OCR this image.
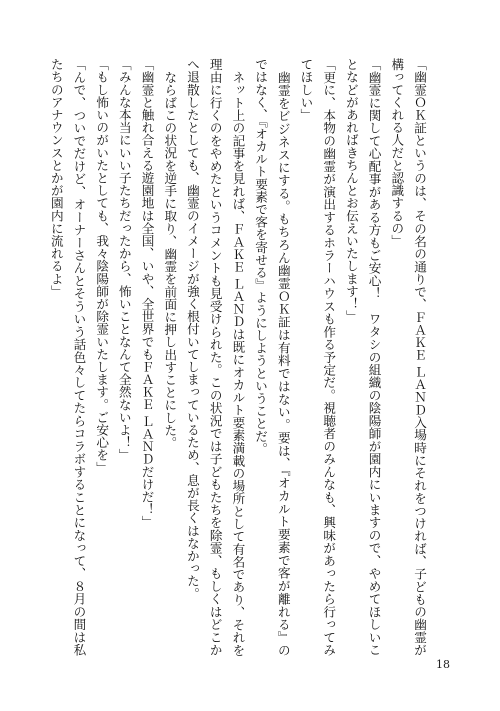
「幽霊ＯＫ証というのは、その名の通りで、ＦＡＫＥ ＬＡＮＤ入場時にそれをつければ、子どもの幽霊が構ってくれる人だと認識するの」

「幽霊に関して心配事がある方もご安心！　ワタシの組織の陰陽師が園内にいますので、やめてほしいことなどがあればきちんとお伝えいたします！」

「更に、本物の幽霊が演出するホラーハウスも作る予定だ。視聴者のみんなも、興味があったら行ってみてほしい」

幽霊をビジネスにする。もちろん幽霊ＯＫ証は有料ではない。要は、『オカルト要素で客が離れる』のではなく、『オカルト要素で客を寄せる』ようにしようということだ。

ネット上の記事を見れば、ＦＡＫＥ ＬＡＮＤは既にオカルト要素満載の場所として有名であり、それを理由に行くのをやめたというコメントも見受けられた。この状況では子どもたちを除霊、もしくはどこかへ退散したとしても、幽霊のイメージが強く根付いてしまっているため、息が長くはなかった。

ならばこの状況を逆手に取り、幽霊を前面に押し出すことにした。

「幽霊と触れ合える遊園地は全国、いや、全世界でもＦＡＫＥ ＬＡＮＤだけだ！」

「みんな本当にいい子たちだったから、怖いことなんて全然ないよ！」

「もし怖いのがいたとしても、我々陰陽師が除霊いたします。ご安心を」

「んで、ついでだけど、オーナーさんとそういう話色々してたらコラボすることになって、８月の間は私たちのアナウンスとかが園内に流れるよ」

18
